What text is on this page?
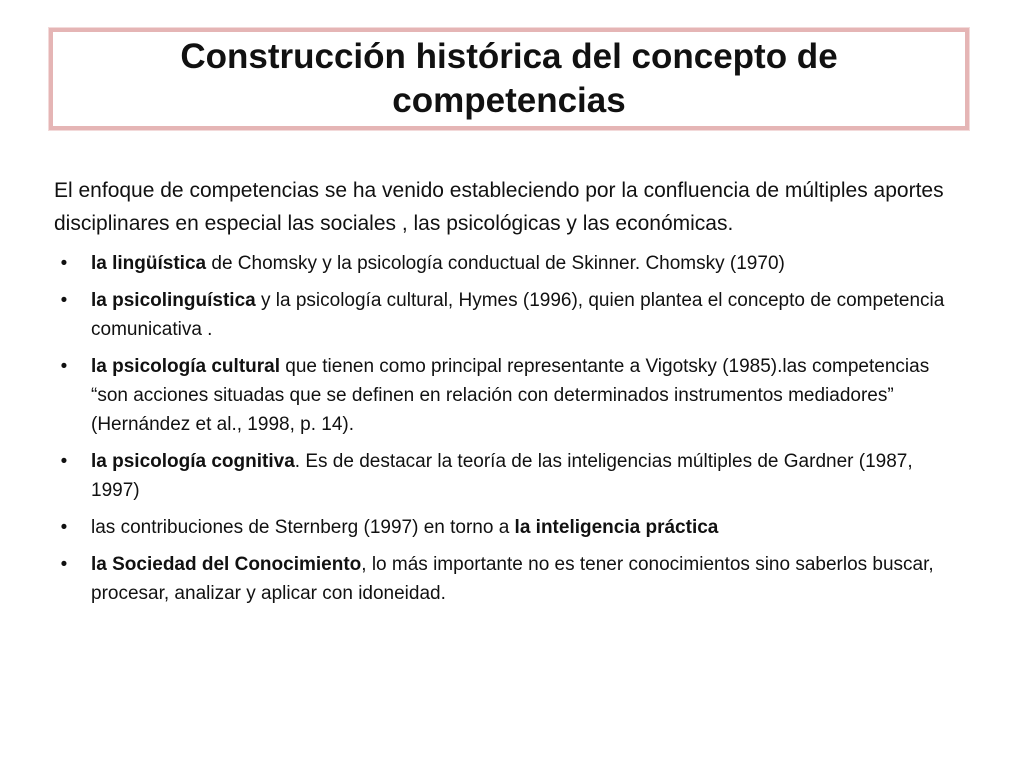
Construcción histórica del concepto de
competencias

El enfoque de competencias se ha venido estableciendo por la confluencia de múltiples aportes disciplinares en especial las sociales , las psicológicas y las económicas.

• la lingüística de Chomsky y la psicología conductual de Skinner. Chomsky (1970)
• la psicolinguística y la psicología cultural, Hymes (1996), quien plantea el concepto de competencia comunicativa .
• la psicología cultural que tienen como principal representante a Vigotsky (1985).las competencias “son acciones situadas que se definen en relación con determinados instrumentos mediadores” (Hernández et al., 1998, p. 14).
• la psicología cognitiva. Es de destacar la teoría de las inteligencias múltiples de Gardner (1987, 1997)
• las contribuciones de Sternberg (1997) en torno a la inteligencia práctica
• la Sociedad del Conocimiento, lo más importante no es tener conocimientos sino saberlos buscar, procesar, analizar y aplicar con idoneidad.
